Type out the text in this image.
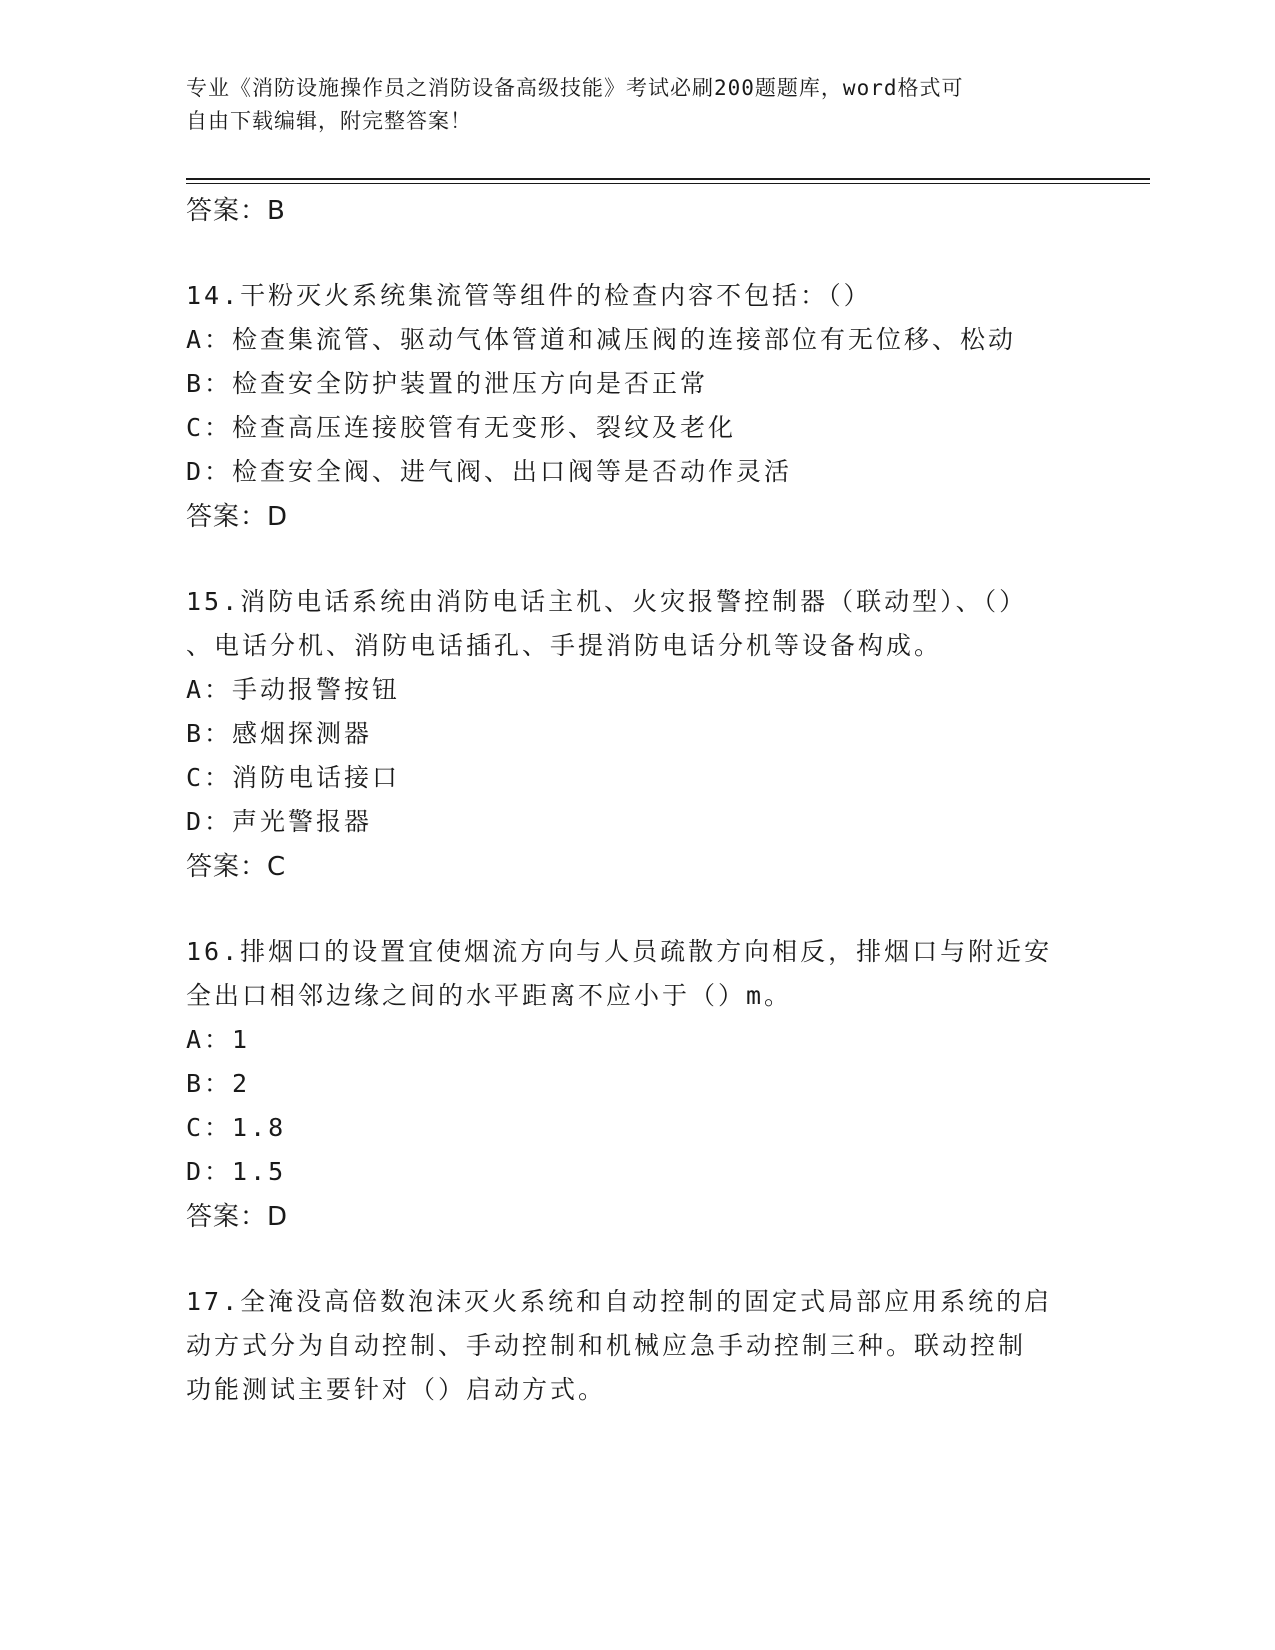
专业《消防设施操作员之消防设备高级技能》考试必刷200题题库，word格式可
自由下载编辑，附完整答案！
答案：B
14.干粉灭火系统集流管等组件的检查内容不包括：（）
A：检查集流管、驱动气体管道和减压阀的连接部位有无位移、松动
B：检查安全防护装置的泄压方向是否正常
C：检查高压连接胶管有无变形、裂纹及老化
D：检查安全阀、进气阀、出口阀等是否动作灵活
答案：D
15.消防电话系统由消防电话主机、火灾报警控制器（联动型）、（）
、电话分机、消防电话插孔、手提消防电话分机等设备构成。
A：手动报警按钮
B：感烟探测器
C：消防电话接口
D：声光警报器
答案：C
16.排烟口的设置宜使烟流方向与人员疏散方向相反，排烟口与附近安
全出口相邻边缘之间的水平距离不应小于（）m。
A：1
B：2
C：1.8
D：1.5
答案：D
17.全淹没高倍数泡沫灭火系统和自动控制的固定式局部应用系统的启
动方式分为自动控制、手动控制和机械应急手动控制三种。联动控制
功能测试主要针对（）启动方式。
